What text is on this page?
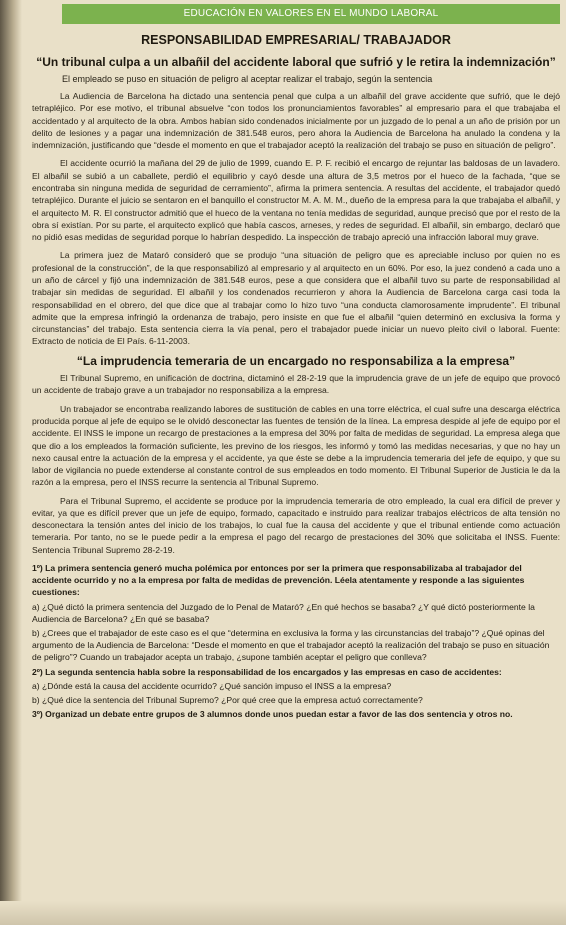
EDUCACIÓN EN VALORES EN EL MUNDO LABORAL
RESPONSABILIDAD EMPRESARIAL/ TRABAJADOR
“Un tribunal culpa a un albañil del accidente laboral que sufrió y le retira la indemnización”
El empleado se puso en situación de peligro al aceptar realizar el trabajo, según la sentencia

La Audiencia de Barcelona ha dictado una sentencia penal que culpa a un albañil del grave accidente que sufrió, que le dejó tetrapléjico. Por ese motivo, el tribunal absuelve “con todos los pronunciamientos favorables” al empresario para el que trabajaba el accidentado y al arquitecto de la obra. Ambos habían sido condenados inicialmente por un juzgado de lo penal a un año de prisión por un delito de lesiones y a pagar una indemnización de 381.548 euros, pero ahora la Audiencia de Barcelona ha anulado la condena y la indemnización, justificando que “desde el momento en que el trabajador aceptó la realización del trabajo se puso en situación de peligro”.

El accidente ocurrió la mañana del 29 de julio de 1999, cuando E. P. F. recibió el encargo de rejuntar las baldosas de un lavadero. El albañil se subió a un caballete, perdió el equilibrio y cayó desde una altura de 3,5 metros por el hueco de la fachada, “que se encontraba sin ninguna medida de seguridad de cerramiento”, afirma la primera sentencia. A resultas del accidente, el trabajador quedó tetrapléjico. Durante el juicio se sentaron en el banquillo el constructor M. A. M. M., dueño de la empresa para la que trabajaba el albañil, y el arquitecto M. R. El constructor admitió que el hueco de la ventana no tenía medidas de seguridad, aunque precisó que por el resto de la obra sí existían. Por su parte, el arquitecto explicó que había cascos, arneses, y redes de seguridad. El albañil, sin embargo, declaró que no pidió esas medidas de seguridad porque lo habrían despedido. La inspección de trabajo apreció una infracción laboral muy grave.

La primera juez de Mataró consideró que se produjo “una situación de peligro que es apreciable incluso por quien no es profesional de la construcción”, de la que responsabilizó al empresario y al arquitecto en un 60%. Por eso, la juez condenó a cada uno a un año de cárcel y fijó una indemnización de 381.548 euros, pese a que considera que el albañil tuvo su parte de responsabilidad al trabajar sin medidas de seguridad. El albañil y los condenados recurrieron y ahora la Audiencia de Barcelona carga casi toda la responsabilidad en el obrero, del que dice que al trabajar como lo hizo tuvo “una conducta clamorosamente imprudente”. El tribunal admite que la empresa infringió la ordenanza de trabajo, pero insiste en que fue el albañil “quien determinó en exclusiva la forma y circunstancias” del trabajo. Esta sentencia cierra la vía penal, pero el trabajador puede iniciar un nuevo pleito civil o laboral. Fuente: Extracto de noticia de El País. 6-11-2003.

“La imprudencia temeraria de un encargado no responsabiliza a la empresa”

El Tribunal Supremo, en unificación de doctrina, dictaminó el 28-2-19 que la imprudencia grave de un jefe de equipo que provocó un accidente de trabajo grave a un trabajador no responsabiliza a la empresa.

Un trabajador se encontraba realizando labores de sustitución de cables en una torre eléctrica, el cual sufre una descarga eléctrica producida porque al jefe de equipo se le olvidó desconectar las fuentes de tensión de la línea. La empresa despide al jefe de equipo por el accidente. El INSS le impone un recargo de prestaciones a la empresa del 30% por falta de medidas de seguridad. La empresa alega que que dio a los empleados la formación suficiente, les previno de los riesgos, les informó y tomó las medidas necesarias, y que no hay un nexo causal entre la actuación de la empresa y el accidente, ya que éste se debe a la imprudencia temeraria del jefe de equipo, y que su labor de vigilancia no puede extenderse al constante control de sus empleados en todo momento. El Tribunal Superior de Justicia le da la razón a la empresa, pero el INSS recurre la sentencia al Tribunal Supremo.

Para el Tribunal Supremo, el accidente se produce por la imprudencia temeraria de otro empleado, la cual era difícil de prever y evitar, ya que es difícil prever que un jefe de equipo, formado, capacitado e instruido para realizar trabajos eléctricos de alta tensión no desconectara la tensión antes del inicio de los trabajos, lo cual fue la causa del accidente y que el tribunal entiende como actuación temeraria. Por tanto, no se le puede pedir a la empresa el pago del recargo de prestaciones del 30% que solicitaba el INSS. Fuente: Sentencia Tribunal Supremo 28-2-19.

1º) La primera sentencia generó mucha polémica por entonces por ser la primera que responsabilizaba al trabajador del accidente ocurrido y no a la empresa por falta de medidas de prevención. Léela atentamente y responde a las siguientes cuestiones:
a) ¿Qué dictó la primera sentencia del Juzgado de lo Penal de Mataró? ¿En qué hechos se basaba? ¿Y qué dictó posteriormente la Audiencia de Barcelona? ¿En qué se basaba?
b) ¿Crees que el trabajador de este caso es el que “determina en exclusiva la forma y las circunstancias del trabajo”? ¿Qué opinas del argumento de la Audiencia de Barcelona: “Desde el momento en que el trabajador aceptó la realización del trabajo se puso en situación de peligro”? Cuando un trabajador acepta un trabajo, ¿supone también aceptar el peligro que conlleva?
2º) La segunda sentencia habla sobre la responsabilidad de los encargados y las empresas en caso de accidentes:
a) ¿Dónde está la causa del accidente ocurrido? ¿Qué sanción impuso el INSS a la empresa?
b) ¿Qué dice la sentencia del Tribunal Supremo? ¿Por qué cree que la empresa actuó correctamente?
3º) Organizad un debate entre grupos de 3 alumnos donde unos puedan estar a favor de las dos sentencia y otros no.
